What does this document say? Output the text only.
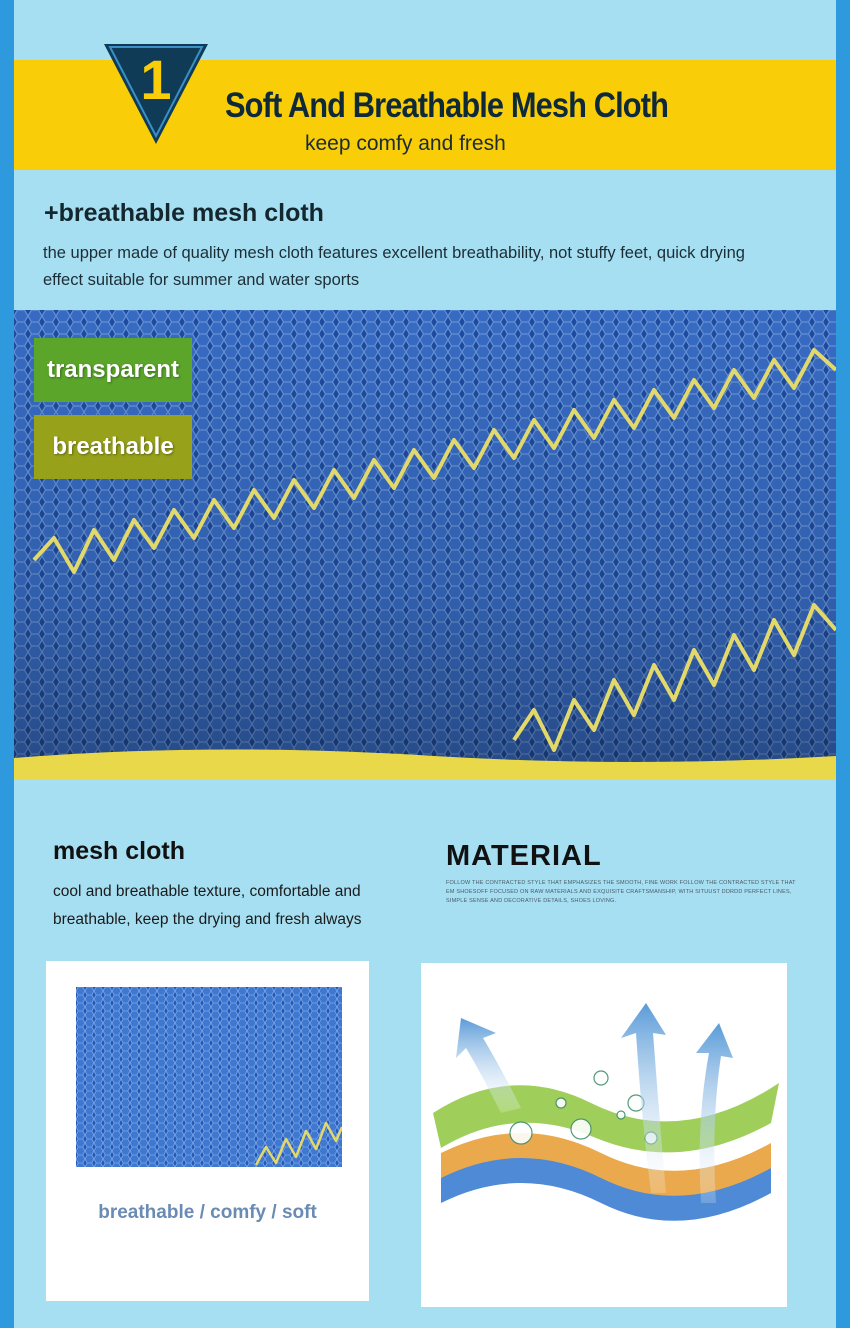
1	Soft And Breathable Mesh Cloth
keep comfy and fresh
+breathable mesh cloth
the upper made of quality mesh cloth features excellent breathability, not stuffy feet, quick drying effect suitable for summer and water sports
transparent
breathable
mesh cloth
cool and breathable texture, comfortable and breathable, keep the drying and fresh always
MATERIAL
FOLLOW THE CONTRACTED STYLE THAT EMPHASIZES THE SMOOTH, FINE WORK FOLLOW THE CONTRACTED STYLE THAT EM SHOESOFF FOCUSED ON RAW MATERIALS AND EXQUISITE CRAFTSMANSHIP, WITH SITUUST DDRDD PERFECT LINES, SIMPLE SENSE AND DECORATIVE DETAILS, SHOES LOVING.
breathable / comfy / soft
